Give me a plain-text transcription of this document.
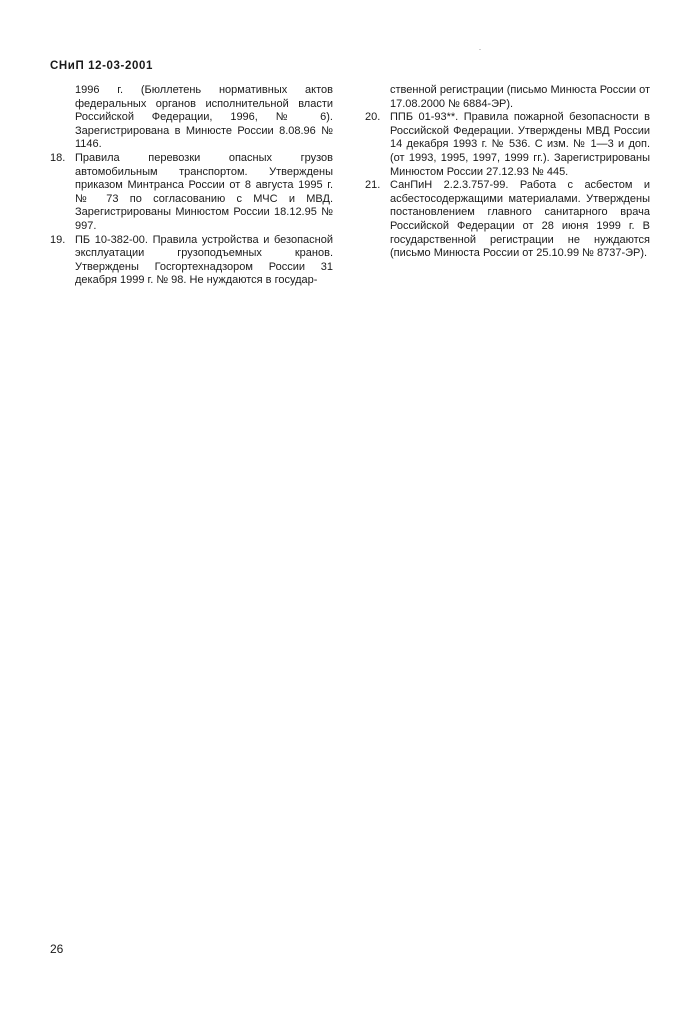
СНиП 12-03-2001

1996 г. (Бюллетень нормативных актов федеральных органов исполнительной власти Российской Федерации, 1996, № 6). Зарегистрирована в Минюсте России 8.08.96 № 1146.

18. Правила перевозки опасных грузов автомобильным транспортом. Утверждены приказом Минтранса России от 8 августа 1995 г. № 73 по согласованию с МЧС и МВД. Зарегистрированы Минюстом России 18.12.95 № 997.

19. ПБ 10-382-00. Правила устройства и безопасной эксплуатации грузоподъемных кранов. Утверждены Госгортехнадзором России 31 декабря 1999 г. № 98. Не нуждаются в государ-

ственной регистрации (письмо Минюста России от 17.08.2000 № 6884-ЭР).

20. ППБ 01-93**. Правила пожарной безопасности в Российской Федерации. Утверждены МВД России 14 декабря 1993 г. № 536. С изм. № 1—3 и доп. (от 1993, 1995, 1997, 1999 гг.). Зарегистрированы Минюстом России 27.12.93 № 445.

21. СанПиН 2.2.3.757-99. Работа с асбестом и асбестосодержащими материалами. Утверждены постановлением главного санитарного врача Российской Федерации от 28 июня 1999 г. В государственной регистрации не нуждаются (письмо Минюста России от 25.10.99 № 8737-ЭР).

26
